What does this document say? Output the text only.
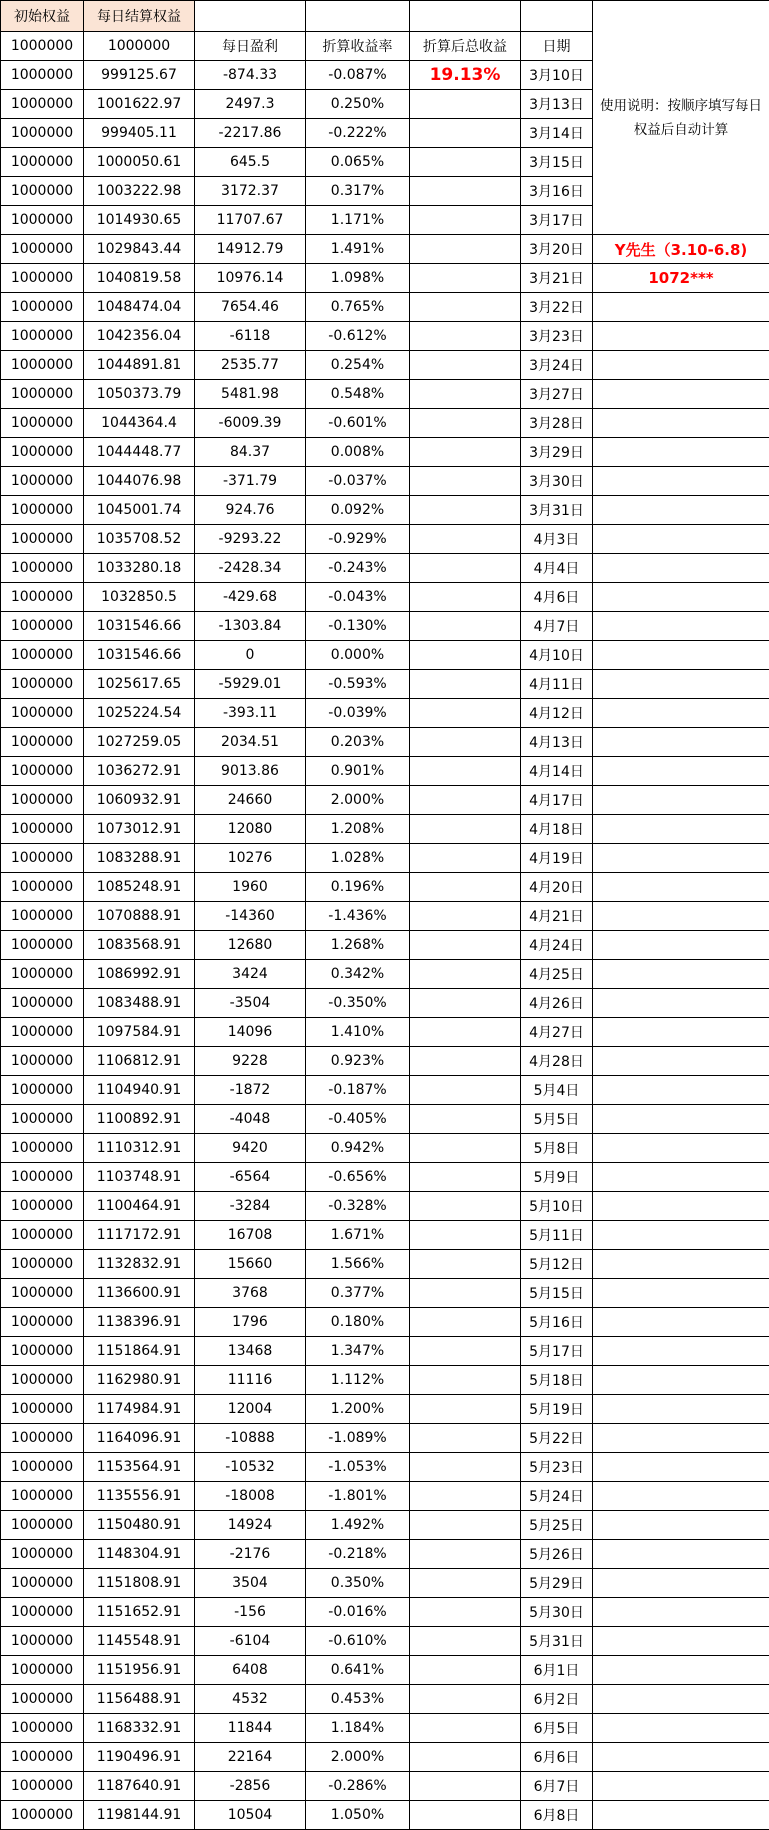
初始权益	每日结算权益					使用说明：按顺序填写每日权益后自动计算
1000000	1000000	每日盈利	折算收益率	折算后总收益	日期	
1000000	999125.67	-874.33	-0.087%	19.13%	3月10日	
1000000	1001622.97	2497.3	0.250%		3月13日	
1000000	999405.11	-2217.86	-0.222%		3月14日	
1000000	1000050.61	645.5	0.065%		3月15日	
1000000	1003222.98	3172.37	0.317%		3月16日	
1000000	1014930.65	11707.67	1.171%		3月17日	
1000000	1029843.44	14912.79	1.491%		3月20日	Y先生（3.10-6.8)
1000000	1040819.58	10976.14	1.098%		3月21日	1072***
1000000	1048474.04	7654.46	0.765%		3月22日	
1000000	1042356.04	-6118	-0.612%		3月23日	
1000000	1044891.81	2535.77	0.254%		3月24日	
1000000	1050373.79	5481.98	0.548%		3月27日	
1000000	1044364.4	-6009.39	-0.601%		3月28日	
1000000	1044448.77	84.37	0.008%		3月29日	
1000000	1044076.98	-371.79	-0.037%		3月30日	
1000000	1045001.74	924.76	0.092%		3月31日	
1000000	1035708.52	-9293.22	-0.929%		4月3日	
1000000	1033280.18	-2428.34	-0.243%		4月4日	
1000000	1032850.5	-429.68	-0.043%		4月6日	
1000000	1031546.66	-1303.84	-0.130%		4月7日	
1000000	1031546.66	0	0.000%		4月10日	
1000000	1025617.65	-5929.01	-0.593%		4月11日	
1000000	1025224.54	-393.11	-0.039%		4月12日	
1000000	1027259.05	2034.51	0.203%		4月13日	
1000000	1036272.91	9013.86	0.901%		4月14日	
1000000	1060932.91	24660	2.000%		4月17日	
1000000	1073012.91	12080	1.208%		4月18日	
1000000	1083288.91	10276	1.028%		4月19日	
1000000	1085248.91	1960	0.196%		4月20日	
1000000	1070888.91	-14360	-1.436%		4月21日	
1000000	1083568.91	12680	1.268%		4月24日	
1000000	1086992.91	3424	0.342%		4月25日	
1000000	1083488.91	-3504	-0.350%		4月26日	
1000000	1097584.91	14096	1.410%		4月27日	
1000000	1106812.91	9228	0.923%		4月28日	
1000000	1104940.91	-1872	-0.187%		5月4日	
1000000	1100892.91	-4048	-0.405%		5月5日	
1000000	1110312.91	9420	0.942%		5月8日	
1000000	1103748.91	-6564	-0.656%		5月9日	
1000000	1100464.91	-3284	-0.328%		5月10日	
1000000	1117172.91	16708	1.671%		5月11日	
1000000	1132832.91	15660	1.566%		5月12日	
1000000	1136600.91	3768	0.377%		5月15日	
1000000	1138396.91	1796	0.180%		5月16日	
1000000	1151864.91	13468	1.347%		5月17日	
1000000	1162980.91	11116	1.112%		5月18日	
1000000	1174984.91	12004	1.200%		5月19日	
1000000	1164096.91	-10888	-1.089%		5月22日	
1000000	1153564.91	-10532	-1.053%		5月23日	
1000000	1135556.91	-18008	-1.801%		5月24日	
1000000	1150480.91	14924	1.492%		5月25日	
1000000	1148304.91	-2176	-0.218%		5月26日	
1000000	1151808.91	3504	0.350%		5月29日	
1000000	1151652.91	-156	-0.016%		5月30日	
1000000	1145548.91	-6104	-0.610%		5月31日	
1000000	1151956.91	6408	0.641%		6月1日	
1000000	1156488.91	4532	0.453%		6月2日	
1000000	1168332.91	11844	1.184%		6月5日	
1000000	1190496.91	22164	2.000%		6月6日	
1000000	1187640.91	-2856	-0.286%		6月7日	
1000000	1198144.91	10504	1.050%		6月8日	
